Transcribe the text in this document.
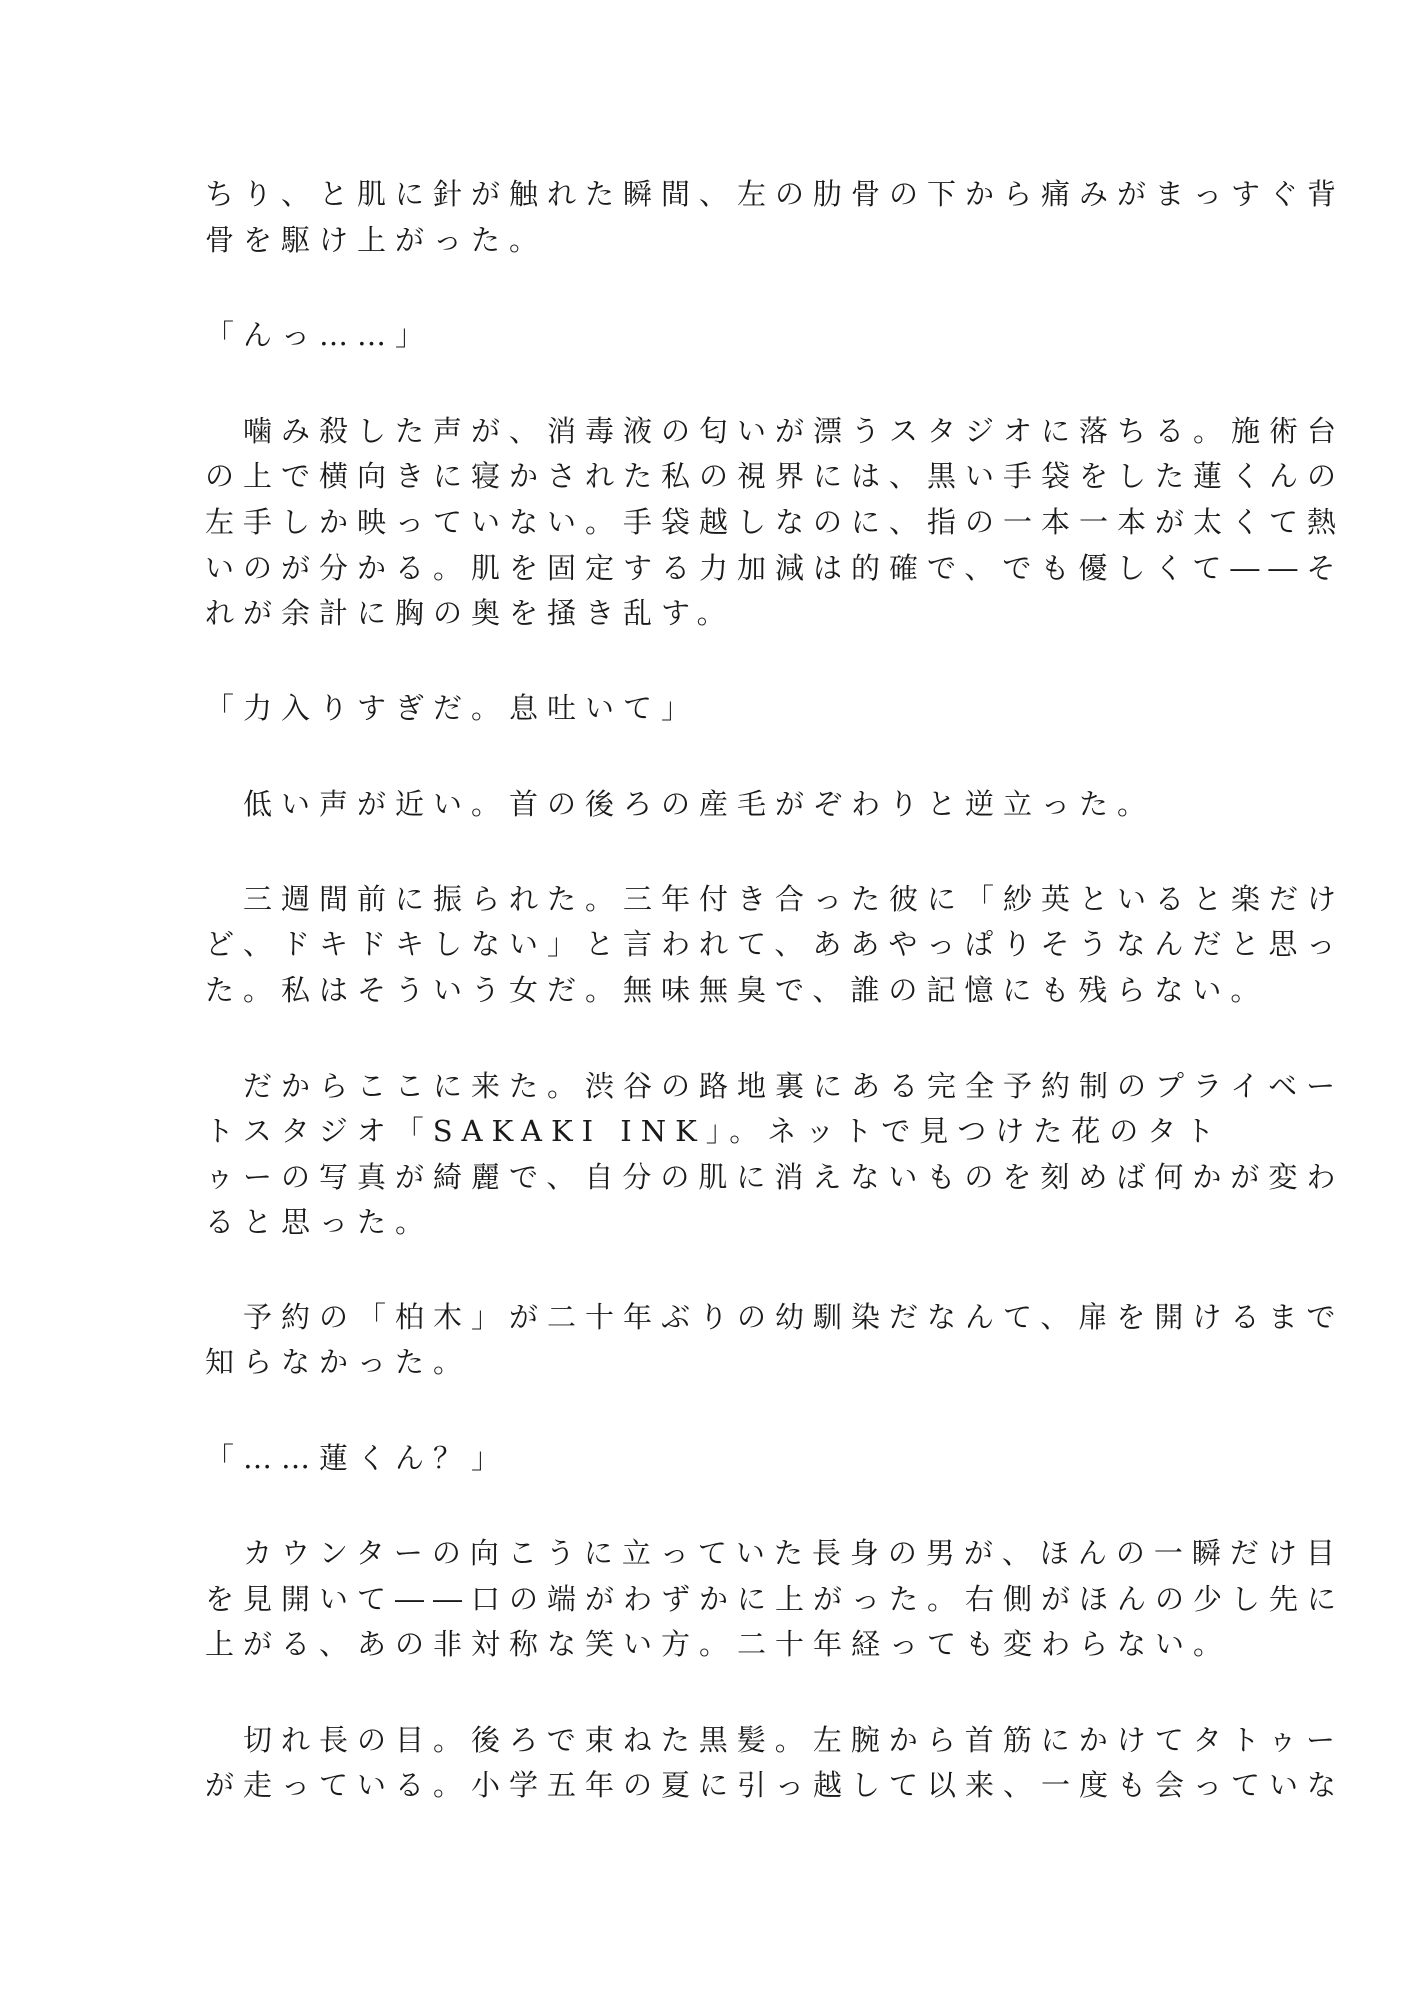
ちり、と肌に針が触れた瞬間、左の肋骨の下から痛みがまっすぐ背
骨を駆け上がった。
「んっ……」
　噛み殺した声が、消毒液の匂いが漂うスタジオに落ちる。施術台
の上で横向きに寝かされた私の視界には、黒い手袋をした蓮くんの
左手しか映っていない。手袋越しなのに、指の一本一本が太くて熱
いのが分かる。肌を固定する力加減は的確で、でも優しくて――そ
れが余計に胸の奥を掻き乱す。
「力入りすぎだ。息吐いて」
　低い声が近い。首の後ろの産毛がぞわりと逆立った。
　三週間前に振られた。三年付き合った彼に「紗英といると楽だけ
ど、ドキドキしない」と言われて、ああやっぱりそうなんだと思っ
た。私はそういう女だ。無味無臭で、誰の記憶にも残らない。
　だからここに来た。渋谷の路地裏にある完全予約制のプライベー
トスタジオ「SAKAKI INK」。ネットで見つけた花のタト
ゥーの写真が綺麗で、自分の肌に消えないものを刻めば何かが変わ
ると思った。
　予約の「柏木」が二十年ぶりの幼馴染だなんて、扉を開けるまで
知らなかった。
「……蓮くん？」
　カウンターの向こうに立っていた長身の男が、ほんの一瞬だけ目
を見開いて――口の端がわずかに上がった。右側がほんの少し先に
上がる、あの非対称な笑い方。二十年経っても変わらない。
　切れ長の目。後ろで束ねた黒髪。左腕から首筋にかけてタトゥー
が走っている。小学五年の夏に引っ越して以来、一度も会っていな
